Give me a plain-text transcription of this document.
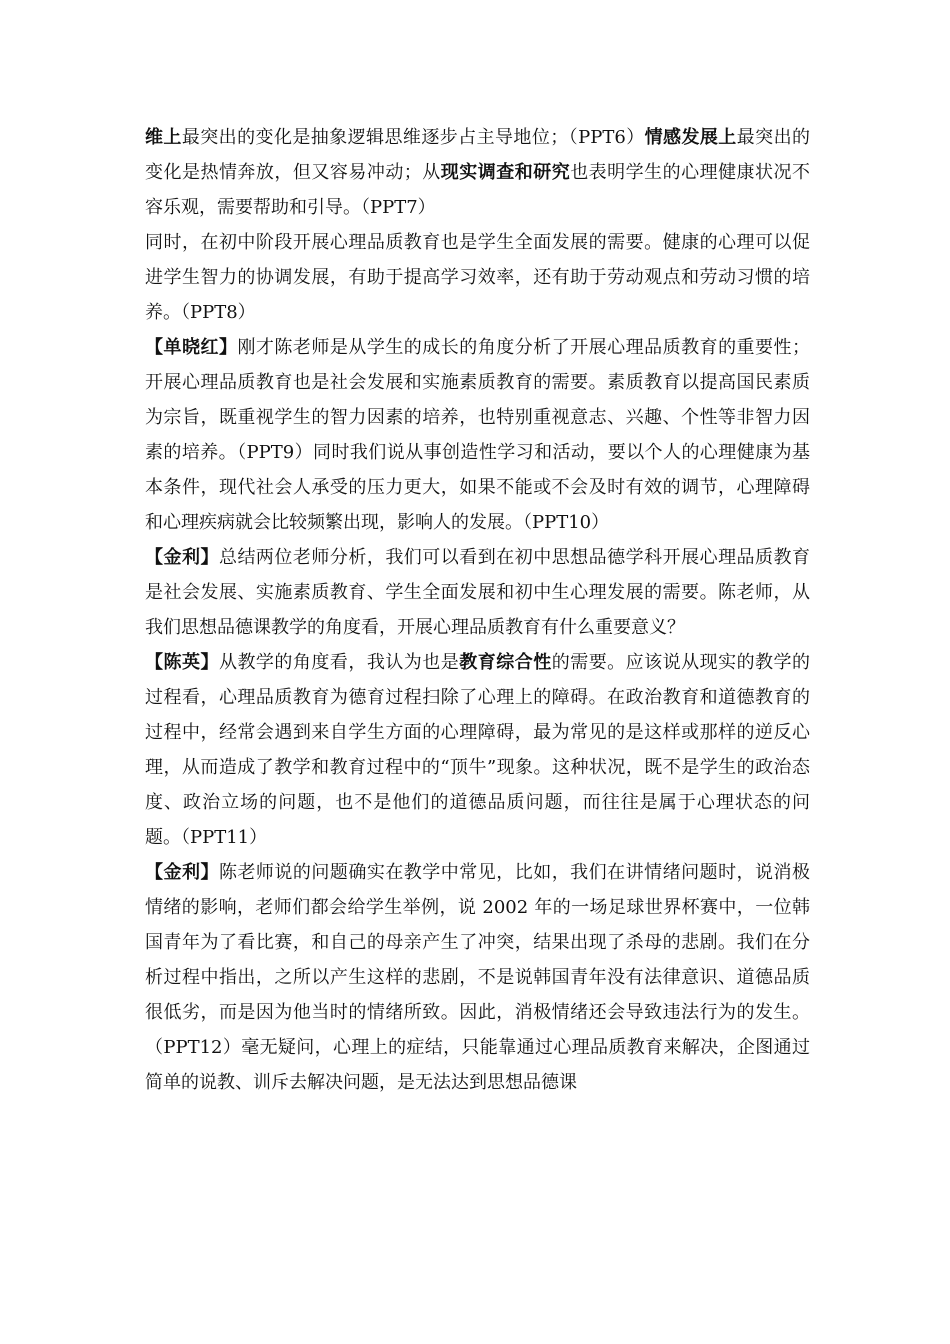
维上最突出的变化是抽象逻辑思维逐步占主导地位；（PPT6）情感发展上最突出的变化是热情奔放，但又容易冲动；从现实调查和研究也表明学生的心理健康状况不容乐观，需要帮助和引导。（PPT7）

同时，在初中阶段开展心理品质教育也是学生全面发展的需要。健康的心理可以促进学生智力的协调发展，有助于提高学习效率，还有助于劳动观点和劳动习惯的培养。（PPT8）

【单晓红】刚才陈老师是从学生的成长的角度分析了开展心理品质教育的重要性；开展心理品质教育也是社会发展和实施素质教育的需要。素质教育以提高国民素质为宗旨，既重视学生的智力因素的培养，也特别重视意志、兴趣、个性等非智力因素的培养。（PPT9）同时我们说从事创造性学习和活动，要以个人的心理健康为基本条件，现代社会人承受的压力更大，如果不能或不会及时有效的调节，心理障碍和心理疾病就会比较频繁出现，影响人的发展。（PPT10）

【金利】总结两位老师分析，我们可以看到在初中思想品德学科开展心理品质教育是社会发展、实施素质教育、学生全面发展和初中生心理发展的需要。陈老师，从我们思想品德课教学的角度看，开展心理品质教育有什么重要意义？

【陈英】从教学的角度看，我认为也是教育综合性的需要。应该说从现实的教学的过程看，心理品质教育为德育过程扫除了心理上的障碍。在政治教育和道德教育的过程中，经常会遇到来自学生方面的心理障碍，最为常见的是这样或那样的逆反心理，从而造成了教学和教育过程中的“顶牛”现象。这种状况，既不是学生的政治态度、政治立场的问题，也不是他们的道德品质问题，而往往是属于心理状态的问题。（PPT11）

【金利】陈老师说的问题确实在教学中常见，比如，我们在讲情绪问题时，说消极情绪的影响，老师们都会给学生举例，说 2002 年的一场足球世界杯赛中，一位韩国青年为了看比赛，和自己的母亲产生了冲突，结果出现了杀母的悲剧。我们在分析过程中指出，之所以产生这样的悲剧，不是说韩国青年没有法律意识、道德品质很低劣，而是因为他当时的情绪所致。因此，消极情绪还会导致违法行为的发生。（PPT12）毫无疑问，心理上的症结，只能靠通过心理品质教育来解决，企图通过简单的说教、训斥去解决问题，是无法达到思想品德课
